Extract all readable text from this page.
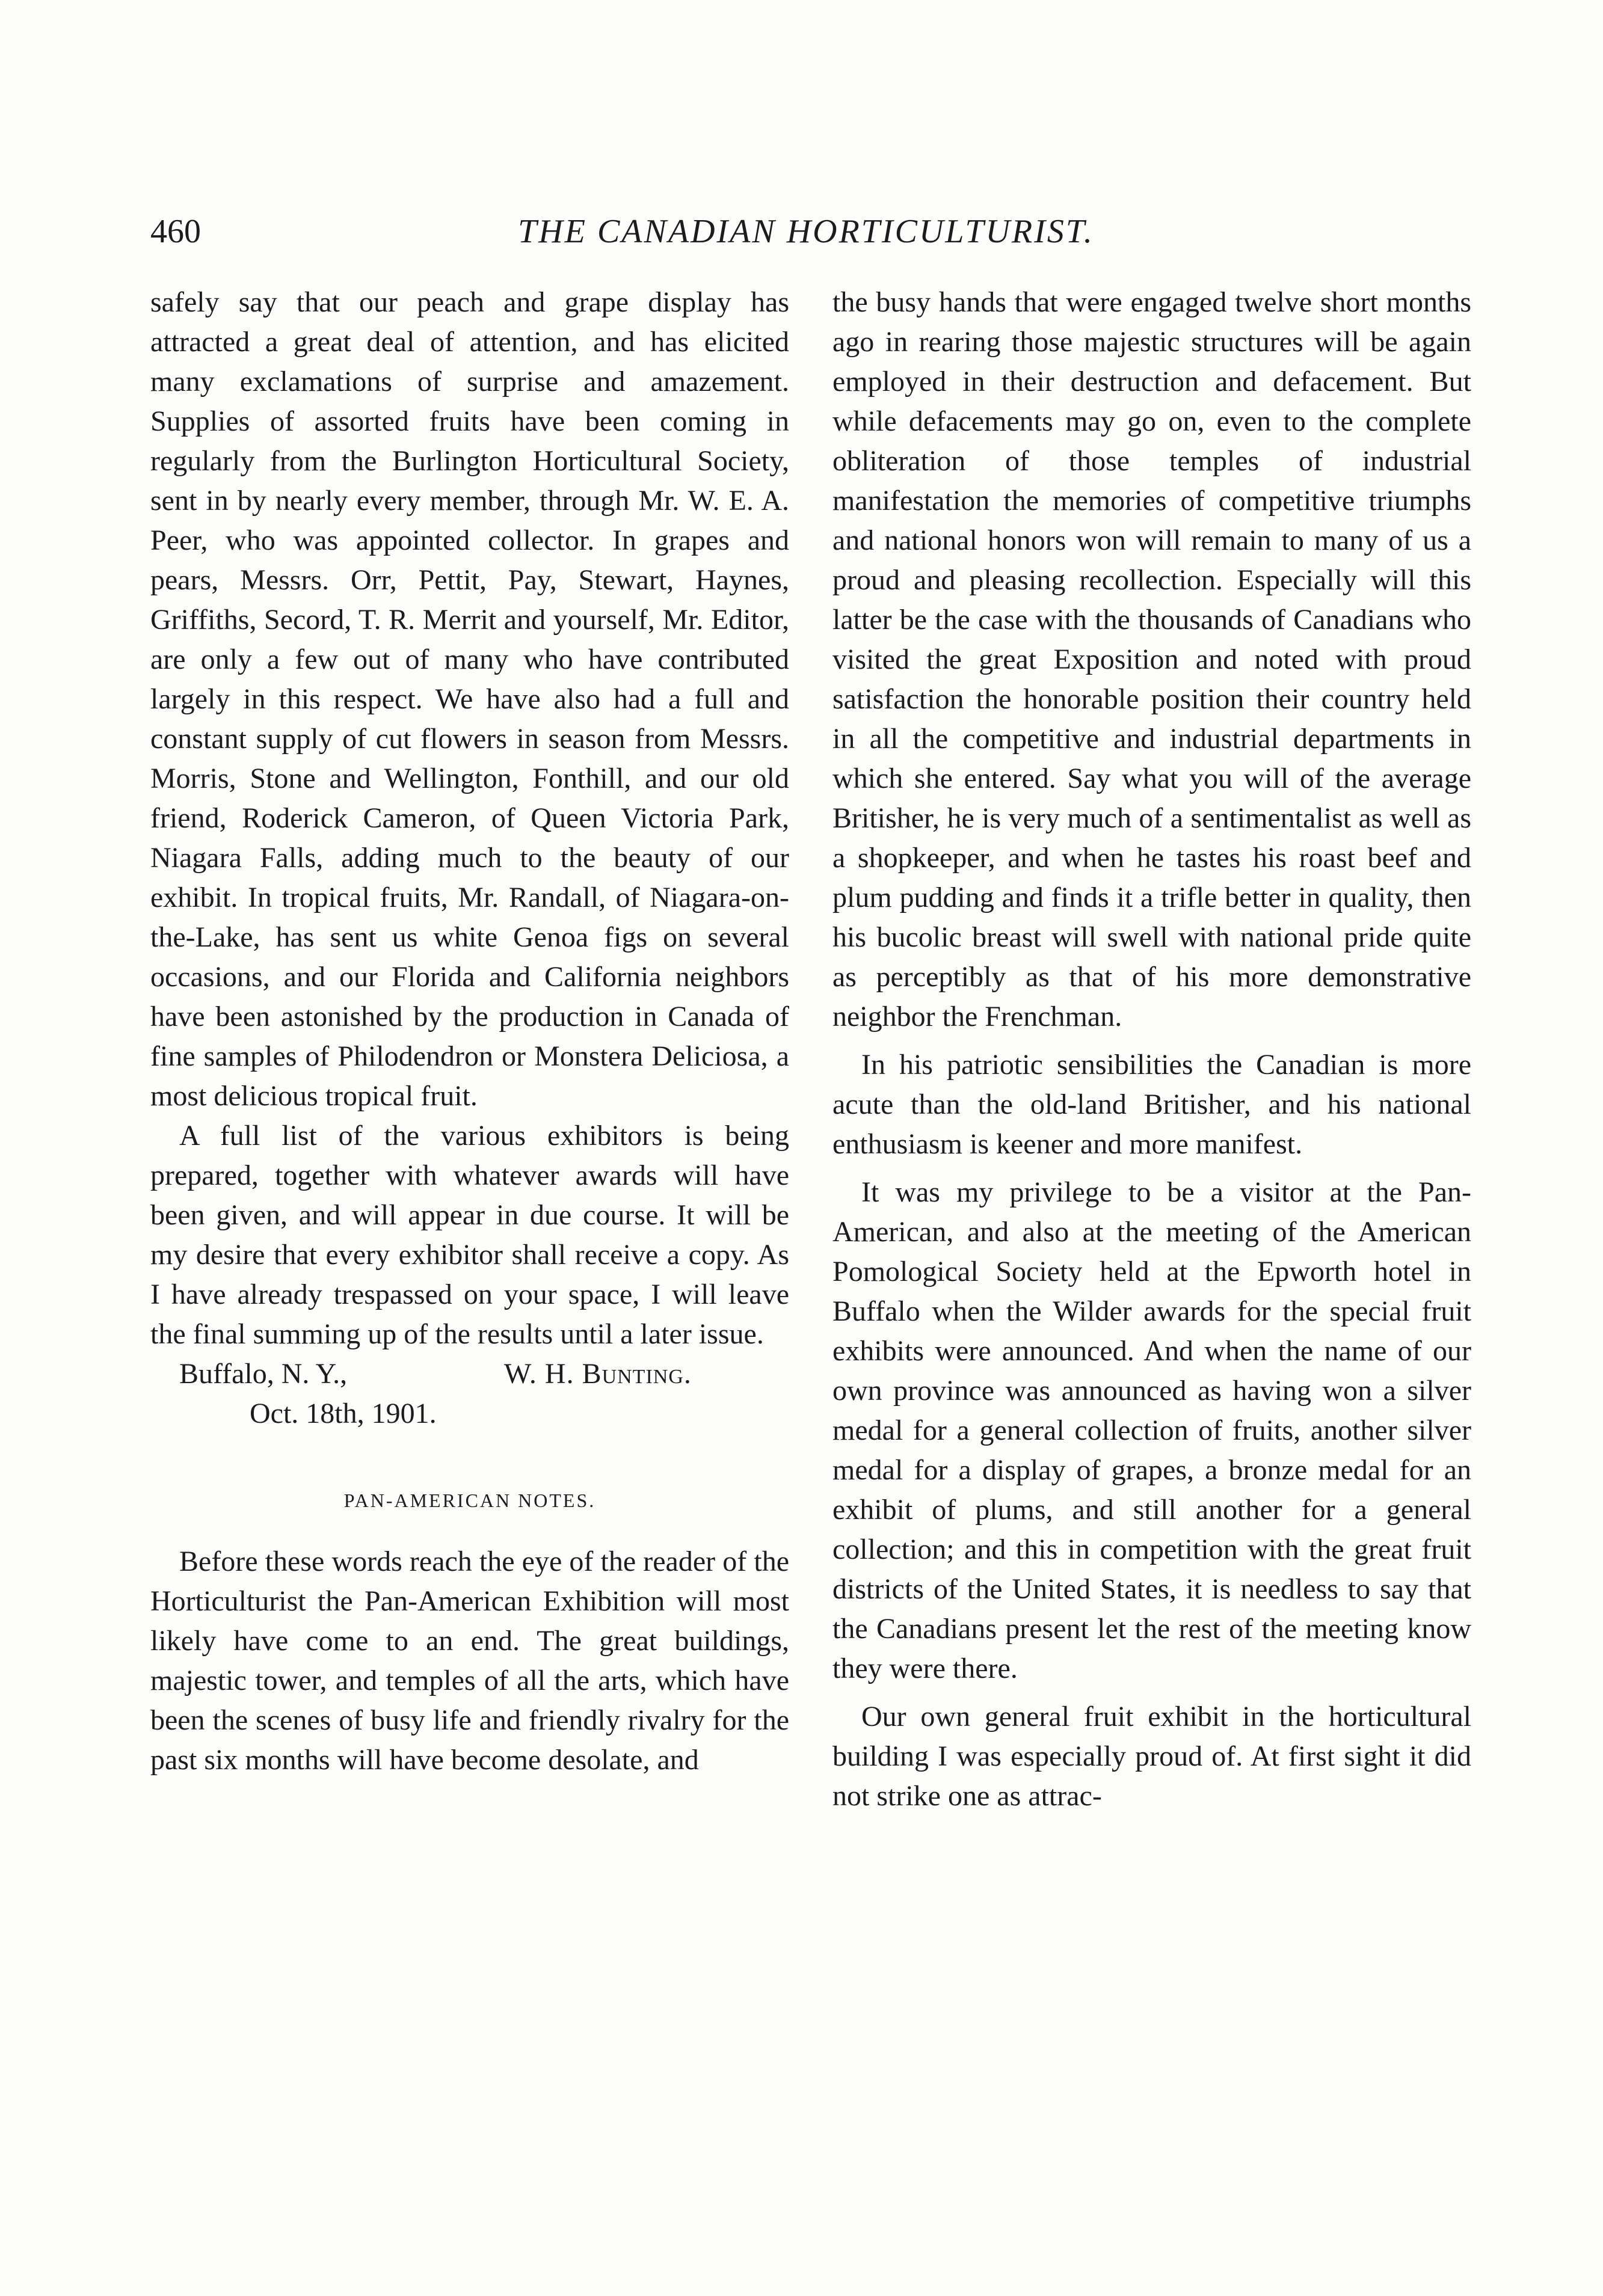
460	THE CANADIAN HORTICULTURIST.

safely say that our peach and grape display has attracted a great deal of attention, and has elicited many exclamations of surprise and amazement. Supplies of assorted fruits have been coming in regularly from the Burlington Horticultural Society, sent in by nearly every member, through Mr. W. E. A. Peer, who was appointed collector. In grapes and pears, Messrs. Orr, Pettit, Pay, Stewart, Haynes, Griffiths, Secord, T. R. Merrit and yourself, Mr. Editor, are only a few out of many who have contributed largely in this respect. We have also had a full and constant supply of cut flowers in season from Messrs. Morris, Stone and Wellington, Fonthill, and our old friend, Roderick Cameron, of Queen Victoria Park, Niagara Falls, adding much to the beauty of our exhibit. In tropical fruits, Mr. Randall, of Niagara-on-the-Lake, has sent us white Genoa figs on several occasions, and our Florida and California neighbors have been astonished by the production in Canada of fine samples of Philodendron or Monstera Deliciosa, a most delicious tropical fruit.

A full list of the various exhibitors is being prepared, together with whatever awards will have been given, and will appear in due course. It will be my desire that every exhibitor shall receive a copy. As I have already trespassed on your space, I will leave the final summing up of the results until a later issue.

Buffalo, N. Y.,	W. H. Bunting.

Oct. 18th, 1901.

PAN-AMERICAN NOTES.

Before these words reach the eye of the reader of the Horticulturist the Pan-American Exhibition will most likely have come to an end. The great buildings, majestic tower, and temples of all the arts, which have been the scenes of busy life and friendly rivalry for the past six months will have become desolate, and

the busy hands that were engaged twelve short months ago in rearing those majestic structures will be again employed in their destruction and defacement. But while defacements may go on, even to the complete obliteration of those temples of industrial manifestation the memories of competitive triumphs and national honors won will remain to many of us a proud and pleasing recollection. Especially will this latter be the case with the thousands of Canadians who visited the great Exposition and noted with proud satisfaction the honorable position their country held in all the competitive and industrial departments in which she entered. Say what you will of the average Britisher, he is very much of a sentimentalist as well as a shopkeeper, and when he tastes his roast beef and plum pudding and finds it a trifle better in quality, then his bucolic breast will swell with national pride quite as perceptibly as that of his more demonstrative neighbor the Frenchman.

In his patriotic sensibilities the Canadian is more acute than the old-land Britisher, and his national enthusiasm is keener and more manifest.

It was my privilege to be a visitor at the Pan-American, and also at the meeting of the American Pomological Society held at the Epworth hotel in Buffalo when the Wilder awards for the special fruit exhibits were announced. And when the name of our own province was announced as having won a silver medal for a general collection of fruits, another silver medal for a display of grapes, a bronze medal for an exhibit of plums, and still another for a general collection; and this in competition with the great fruit districts of the United States, it is needless to say that the Canadians present let the rest of the meeting know they were there.

Our own general fruit exhibit in the horticultural building I was especially proud of. At first sight it did not strike one as attrac-
